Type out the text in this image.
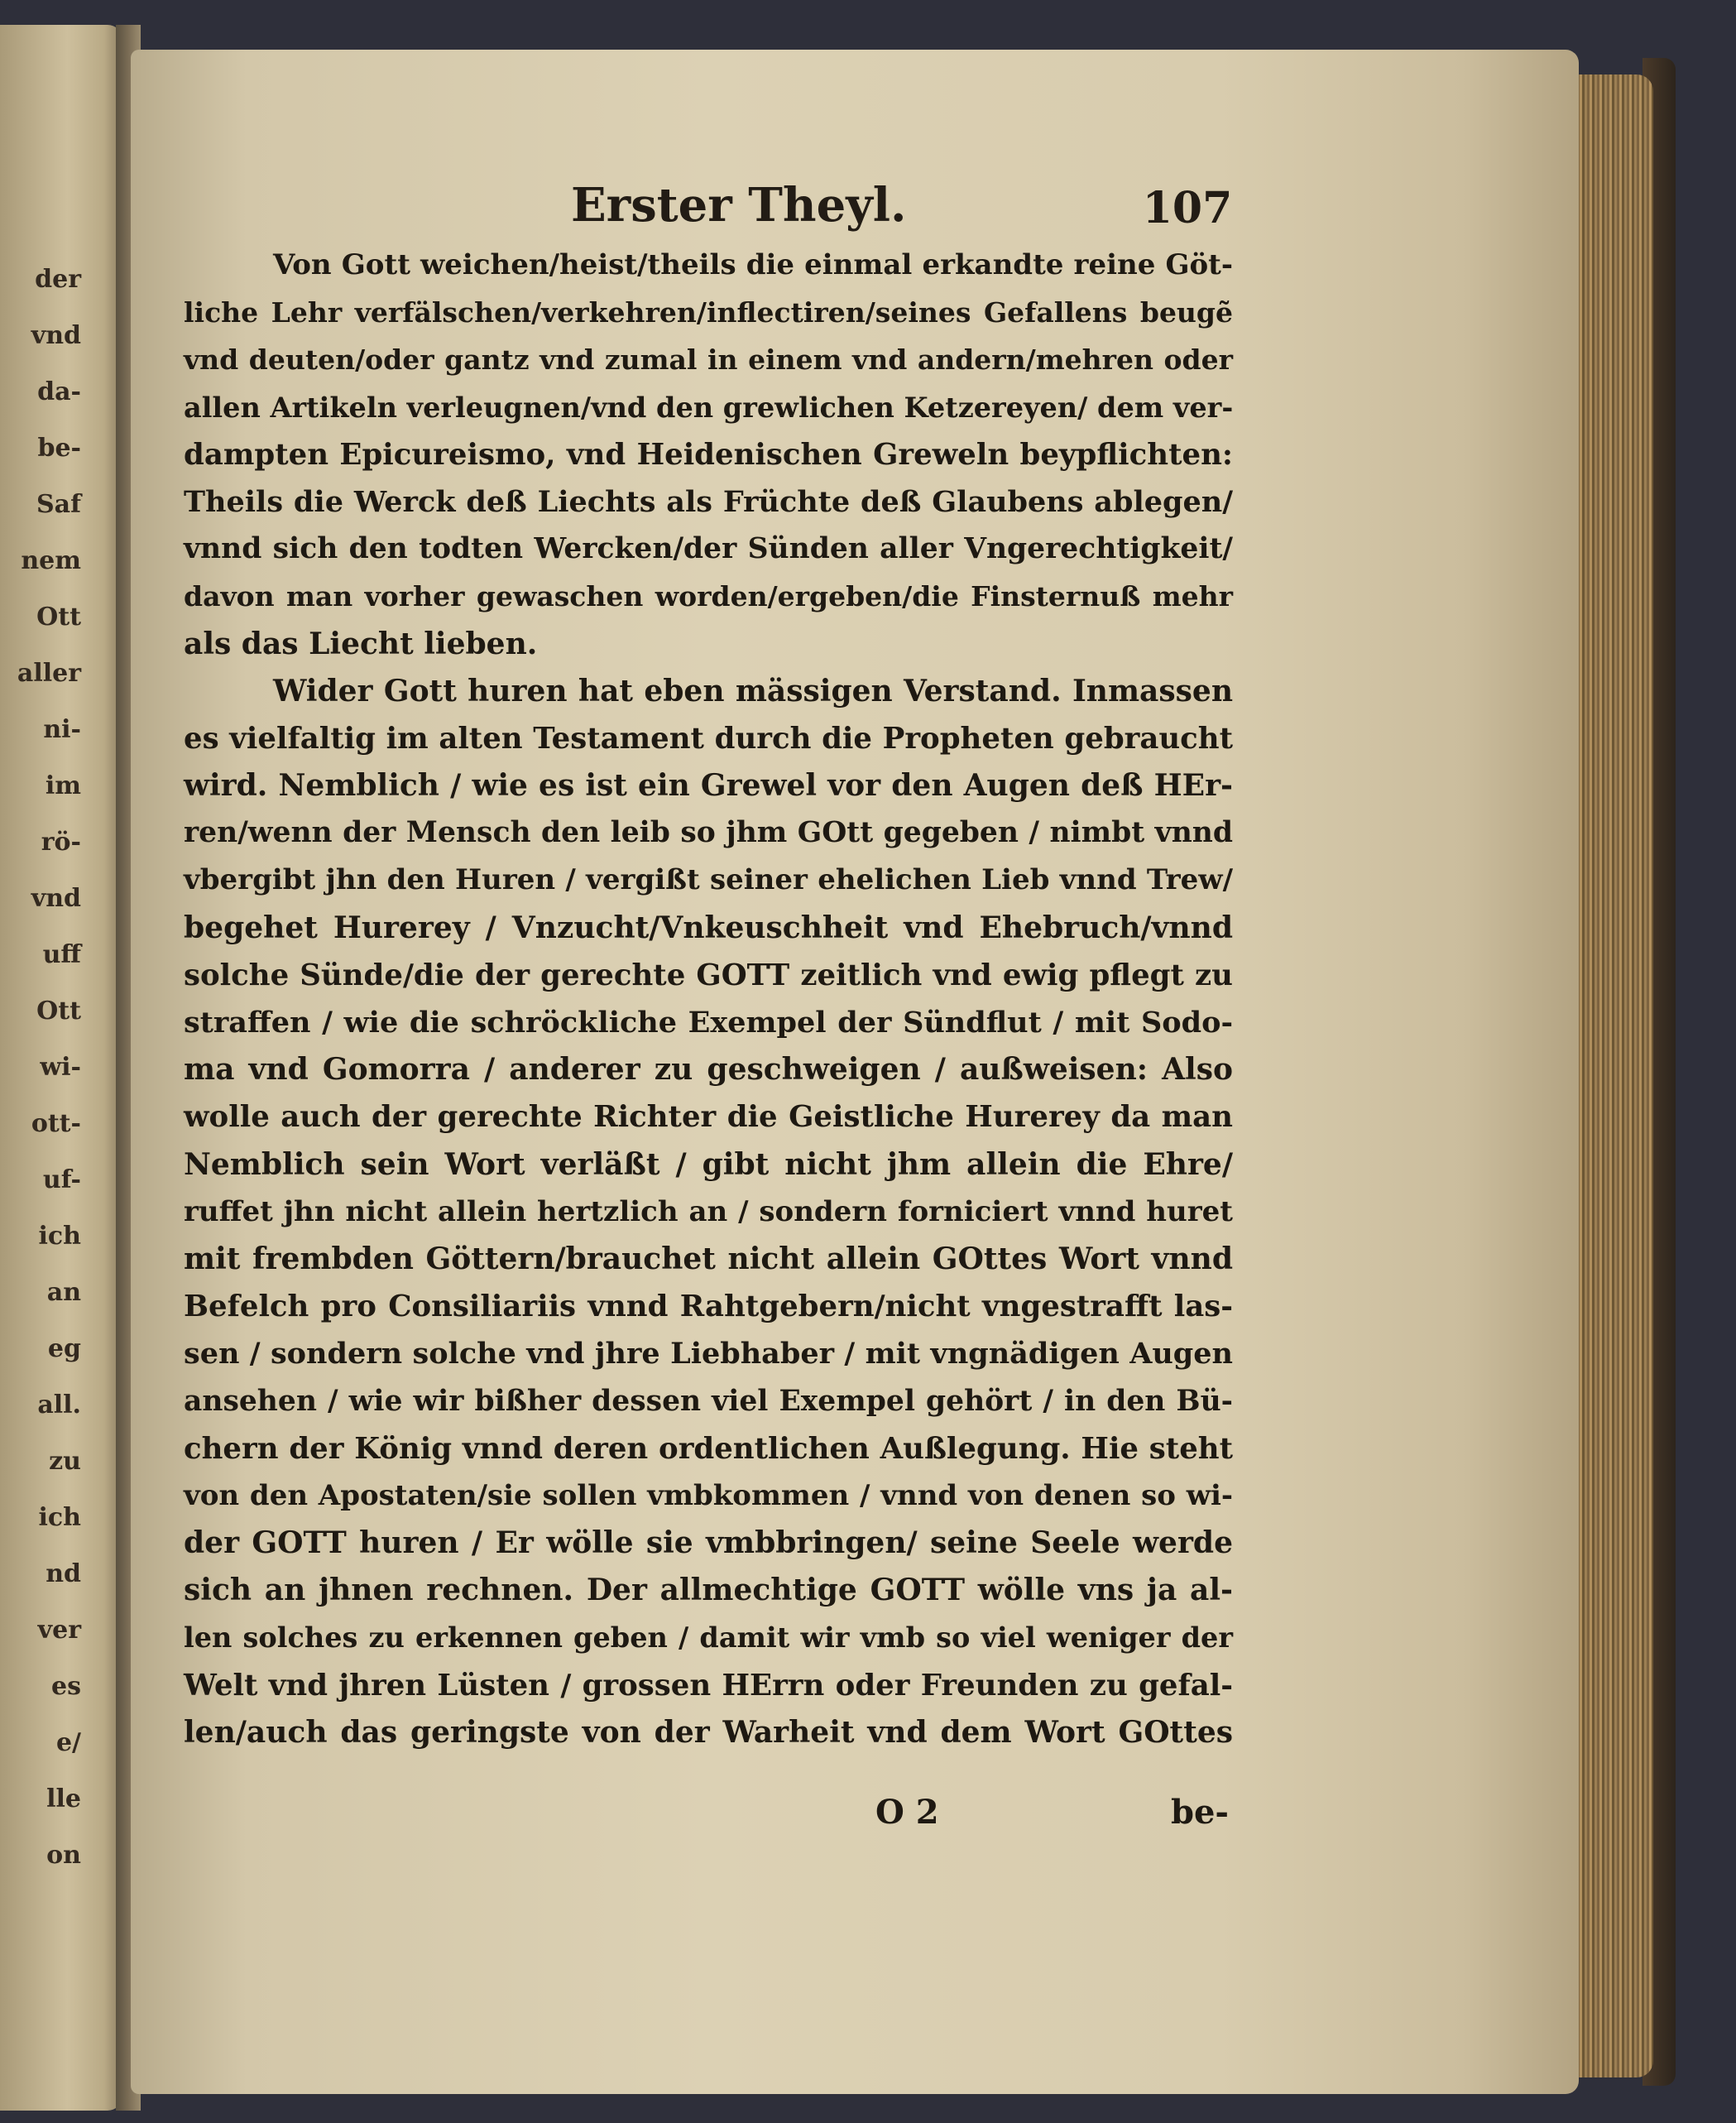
der
vnd
da-
be-
Saf
nem
Ott
aller
ni-
im
rö-
vnd
uff
Ott
wi-
ott-
uf-
ich
an
eg
all.
zu
ich
nd
ver
es
e/
lle
on
Erster Theyl.	107
Von Gott weichen/heist/theils die einmal erkandte reine Göt-
liche Lehr verfälschen/verkehren/inflectiren/seines Gefallens beugẽ
vnd deuten/oder gantz vnd zumal in einem vnd andern/mehren oder
allen Artikeln verleugnen/vnd den grewlichen Ketzereyen/ dem ver-
dampten Epicureismo, vnd Heidenischen Greweln beypflichten:
Theils die Werck deß Liechts als Früchte deß Glaubens ablegen/
vnnd sich den todten Wercken/der Sünden aller Vngerechtigkeit/
davon man vorher gewaschen worden/ergeben/die Finsternuß mehr
als das Liecht lieben.
Wider Gott huren hat eben mässigen Verstand. Inmassen
es vielfaltig im alten Testament durch die Propheten gebraucht
wird. Nemblich / wie es ist ein Grewel vor den Augen deß HEr-
ren/wenn der Mensch den leib so jhm GOtt gegeben / nimbt vnnd
vbergibt jhn den Huren / vergißt seiner ehelichen Lieb vnnd Trew/
begehet Hurerey / Vnzucht/Vnkeuschheit vnd Ehebruch/vnnd
solche Sünde/die der gerechte GOTT zeitlich vnd ewig pflegt zu
straffen / wie die schröckliche Exempel der Sündflut / mit Sodo-
ma vnd Gomorra / anderer zu geschweigen / außweisen: Also
wolle auch der gerechte Richter die Geistliche Hurerey da man
Nemblich sein Wort verläßt / gibt nicht jhm allein die Ehre/
ruffet jhn nicht allein hertzlich an / sondern forniciert vnnd huret
mit frembden Göttern/brauchet nicht allein GOttes Wort vnnd
Befelch pro Consiliariis vnnd Rahtgebern/nicht vngestrafft las-
sen / sondern solche vnd jhre Liebhaber / mit vngnädigen Augen
ansehen / wie wir bißher dessen viel Exempel gehört / in den Bü-
chern der König vnnd deren ordentlichen Außlegung. Hie steht
von den Apostaten/sie sollen vmbkommen / vnnd von denen so wi-
der GOTT huren / Er wölle sie vmbbringen/ seine Seele werde
sich an jhnen rechnen. Der allmechtige GOTT wölle vns ja al-
len solches zu erkennen geben / damit wir vmb so viel weniger der
Welt vnd jhren Lüsten / grossen HErrn oder Freunden zu gefal-
len/auch das geringste von der Warheit vnd dem Wort GOttes
O 2	be-
